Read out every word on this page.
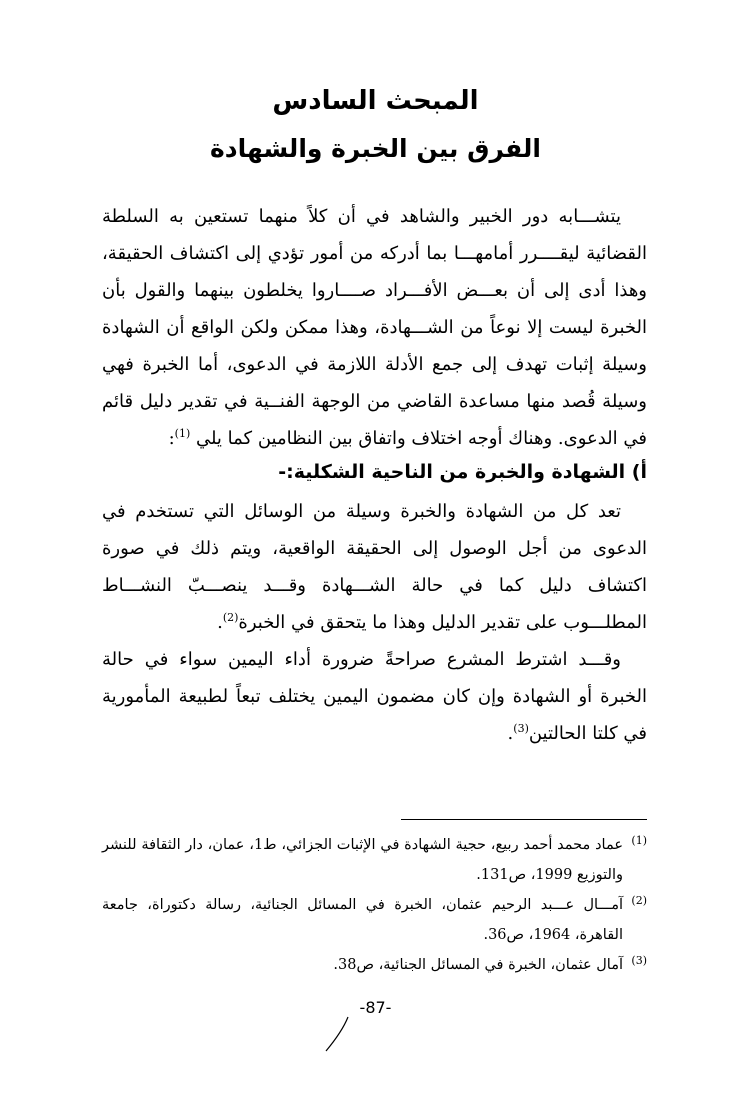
المبحث السادس
الفرق بين الخبرة والشهادة

يتشـــابه دور الخبير والشاهد في أن كلاً منهما تستعين به السلطة القضائية ليقــــرر أمامهـــا بما أدركه من أمور تؤدي إلى اكتشاف الحقيقة، وهذا أدى إلى أن بعـــض الأفـــراد صــــاروا يخلطون بينهما والقول بأن الخبرة ليست إلا نوعاً من الشـــهادة، وهذا ممكن ولكن الواقع أن الشهادة وسيلة إثبات تهدف إلى جمع الأدلة اللازمة في الدعوى، أما الخبرة فهي وسيلة قُصد منها مساعدة القاضي من الوجهة الفنــية في تقدير دليل قائم في الدعوى. وهناك أوجه اختلاف واتفاق بين النظامين كما يلي $^{(1)}$:

أ) الشهادة والخبرة من الناحية الشكلية:-

تعد كل من الشهادة والخبرة وسيلة من الوسائل التي تستخدم في الدعوى من أجل الوصول إلى الحقيقة الواقعية، ويتم ذلك في صورة اكتشاف دليل كما في حالة الشـــهادة وقـــد ينصـــبّ النشـــاط المطلـــوب على تقدير الدليل وهذا ما يتحقق في الخبرة$^{(2)}$.

وقـــد اشترط المشرع صراحةً ضرورة أداء اليمين سواء في حالة الخبرة أو الشهادة وإن كان مضمون اليمين يختلف تبعاً لطبيعة المأمورية في كلتا الحالتين$^{(3)}$.

(1)
عماد محمد أحمد ربيع، حجية الشهادة في الإثبات الجزائي، ط1، عمان، دار الثقافة للنشر والتوزيع 1999، ص131.
(2)
آمـــال عـــبد الرحيم عثمان، الخبرة في المسائل الجنائية، رسالة دكتوراة، جامعة القاهرة، 1964، ص36.
(3)
آمال عثمان، الخبرة في المسائل الجنائية، ص38.
-87-
